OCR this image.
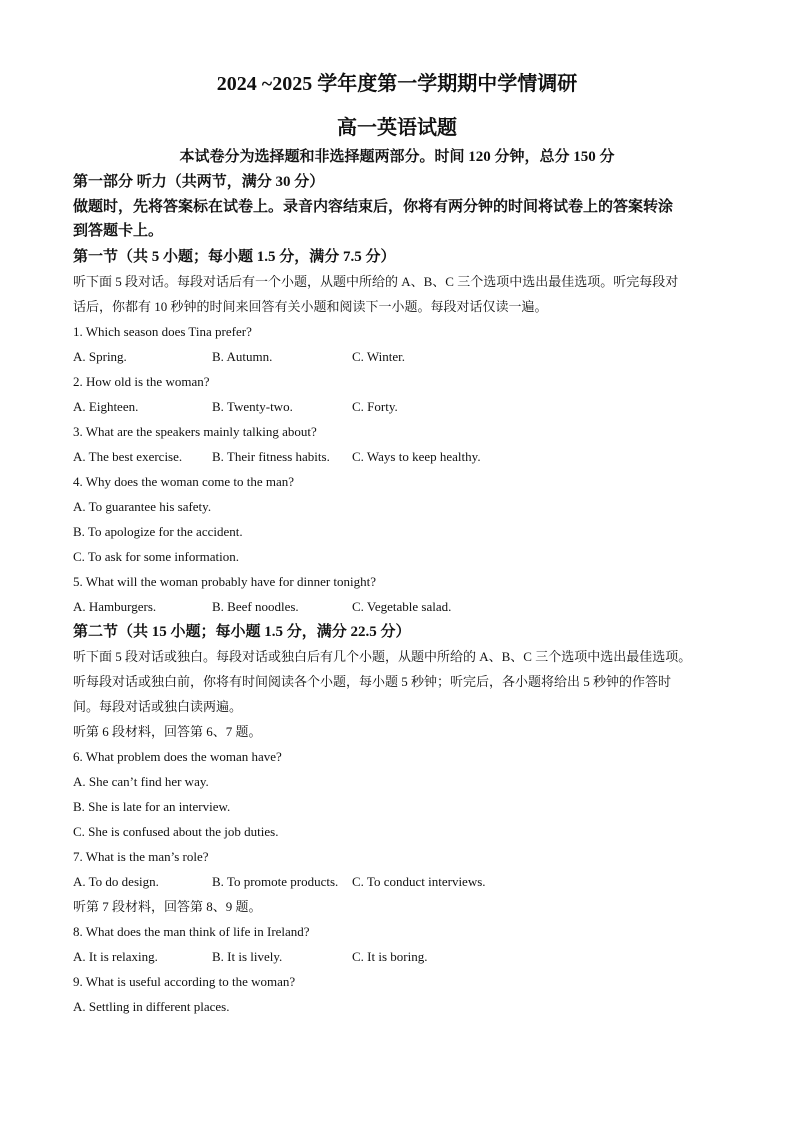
2024 ~2025 学年度第一学期期中学情调研
高一英语试题
本试卷分为选择题和非选择题两部分。时间 120 分钟，总分 150 分
第一部分 听力（共两节，满分 30 分）
做题时，先将答案标在试卷上。录音内容结束后，你将有两分钟的时间将试卷上的答案转涂
到答题卡上。
第一节（共 5 小题；每小题 1.5 分，满分 7.5 分）
听下面 5 段对话。每段对话后有一个小题，从题中所给的 A、B、C 三个选项中选出最佳选项。听完每段对
话后，你都有 10 秒钟的时间来回答有关小题和阅读下一小题。每段对话仅读一遍。
1. Which season does Tina prefer?
A. Spring.	B. Autumn.	C. Winter.
2. How old is the woman?
A. Eighteen.	B. Twenty-two.	C. Forty.
3. What are the speakers mainly talking about?
A. The best exercise. B. Their fitness habits. C. Ways to keep healthy.
4. Why does the woman come to the man?
A. To guarantee his safety.
B. To apologize for the accident.
C. To ask for some information.
5. What will the woman probably have for dinner tonight?
A. Hamburgers.	B. Beef noodles.	C. Vegetable salad.
第二节（共 15 小题；每小题 1.5 分，满分 22.5 分）
听下面 5 段对话或独白。每段对话或独白后有几个小题，从题中所给的 A、B、C 三个选项中选出最佳选项。
听每段对话或独白前，你将有时间阅读各个小题，每小题 5 秒钟；听完后，各小题将给出 5 秒钟的作答时
间。每段对话或独白读两遍。
听第 6 段材料，回答第 6、7 题。
6. What problem does the woman have?
A. She can’t find her way.
B. She is late for an interview.
C. She is confused about the job duties.
7. What is the man’s role?
A. To do design.	B. To promote products. C. To conduct interviews.
听第 7 段材料，回答第 8、9 题。
8. What does the man think of life in Ireland?
A. It is relaxing.	B. It is lively.	C. It is boring.
9. What is useful according to the woman?
A. Settling in different places.
